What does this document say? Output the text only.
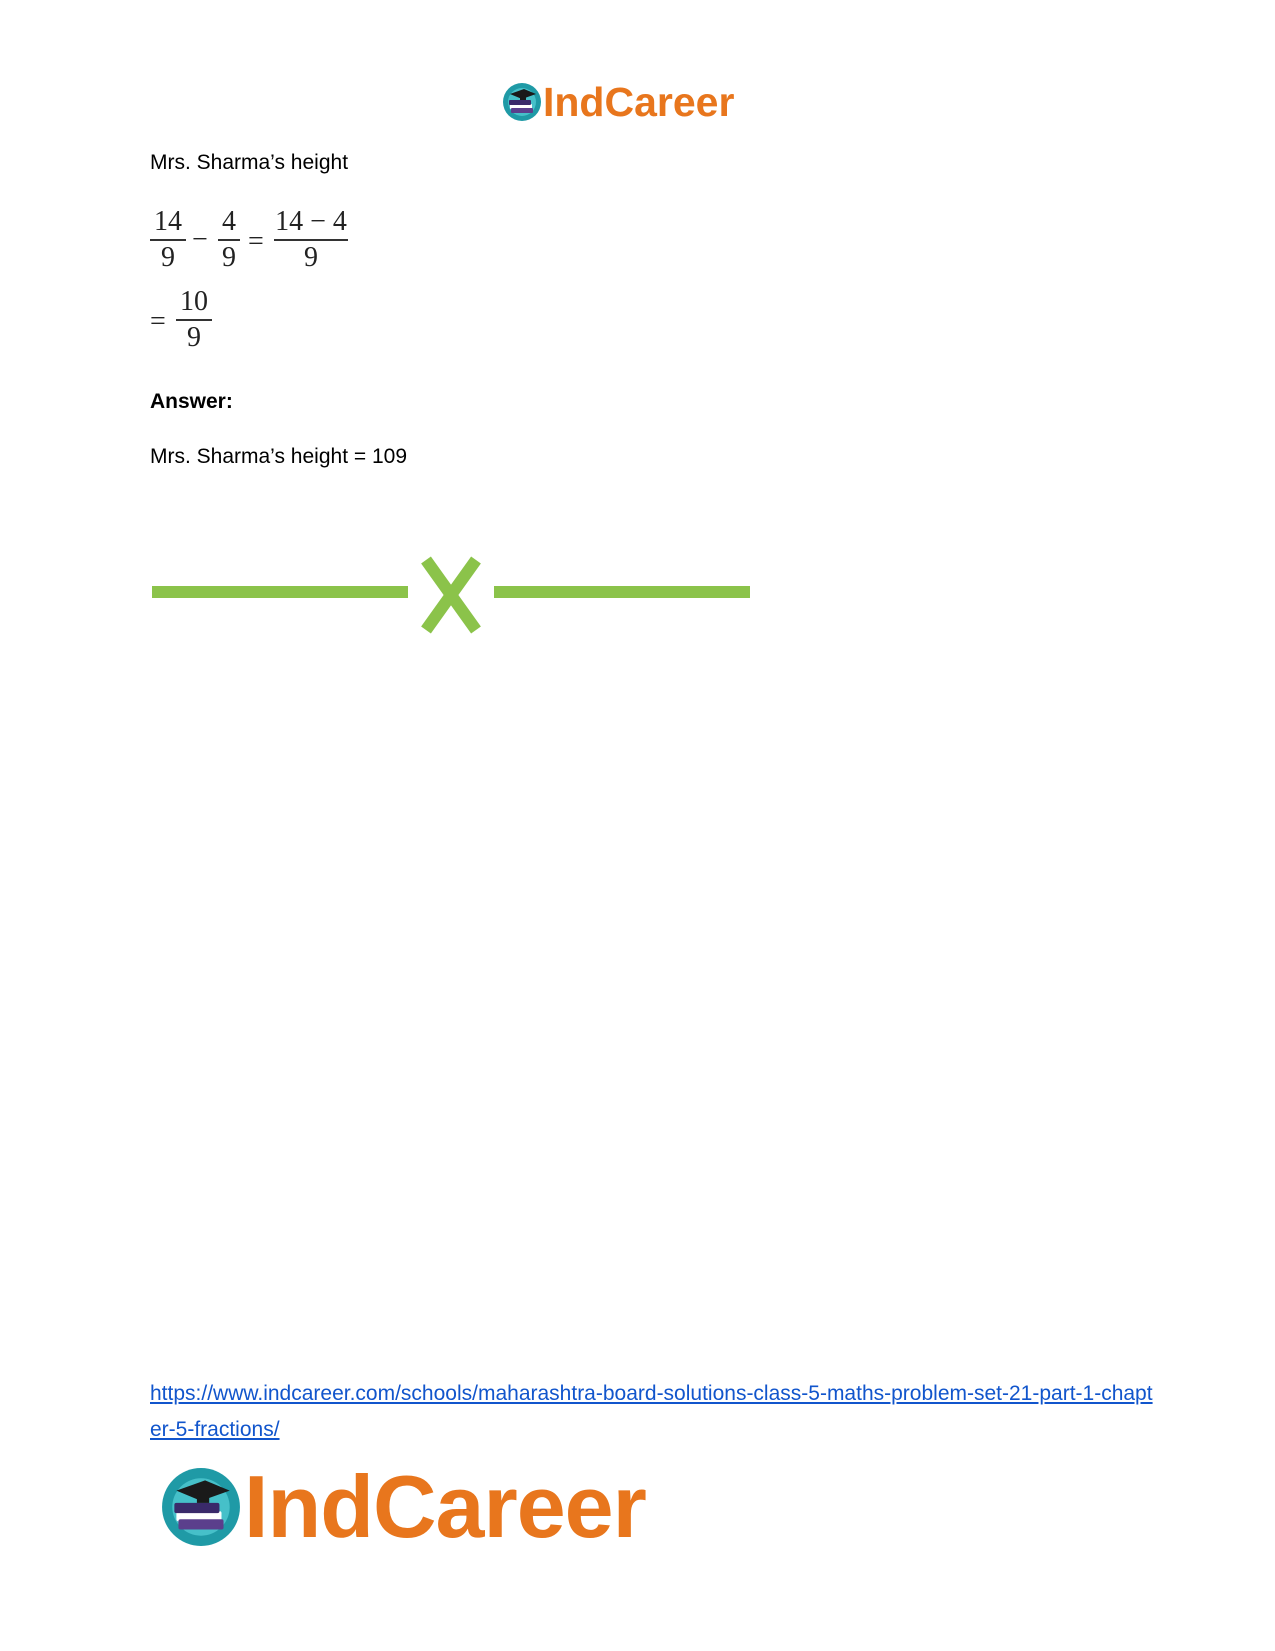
IndCareer
Mrs. Sharma’s height
14
9
−
4
9
=
14 − 4
9
=
10
9
Answer:
Mrs. Sharma’s height = 109
https://www.indcareer.com/schools/maharashtra-board-solutions-class-5-maths-problem-set-21-part-1-chapter-5-fractions/
IndCareer
